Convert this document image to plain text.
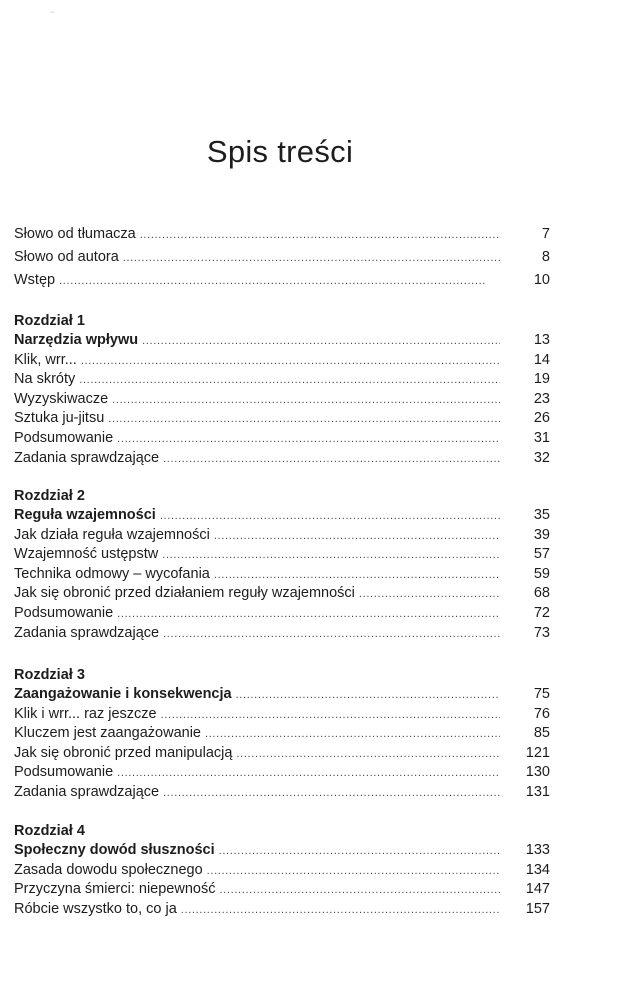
~
Spis treści
Słowo od tłumacza . . .	7
Słowo od autora . . .	8
Wstęp . . .	10
Rozdział 1
Narzędzia wpływu . . .	13
Klik, wrr... . . .	14
Na skróty . . .	19
Wyzyskiwacze . . .	23
Sztuka ju-jitsu . . .	26
Podsumowanie . . .	31
Zadania sprawdzające . . .	32
Rozdział 2
Reguła wzajemności . . .	35
Jak działa reguła wzajemności . . .	39
Wzajemność ustępstw . . .	57
Technika odmowy – wycofania . . .	59
Jak się obronić przed działaniem reguły wzajemności . . .	68
Podsumowanie . . .	72
Zadania sprawdzające . . .	73
Rozdział 3
Zaangażowanie i konsekwencja . . .	75
Klik i wrr... raz jeszcze . . .	76
Kluczem jest zaangażowanie . . .	85
Jak się obronić przed manipulacją . . .	121
Podsumowanie . . .	130
Zadania sprawdzające . . .	131
Rozdział 4
Społeczny dowód słuszności . . .	133
Zasada dowodu społecznego . . .	134
Przyczyna śmierci: niepewność . . .	147
Róbcie wszystko to, co ja . . .	157
